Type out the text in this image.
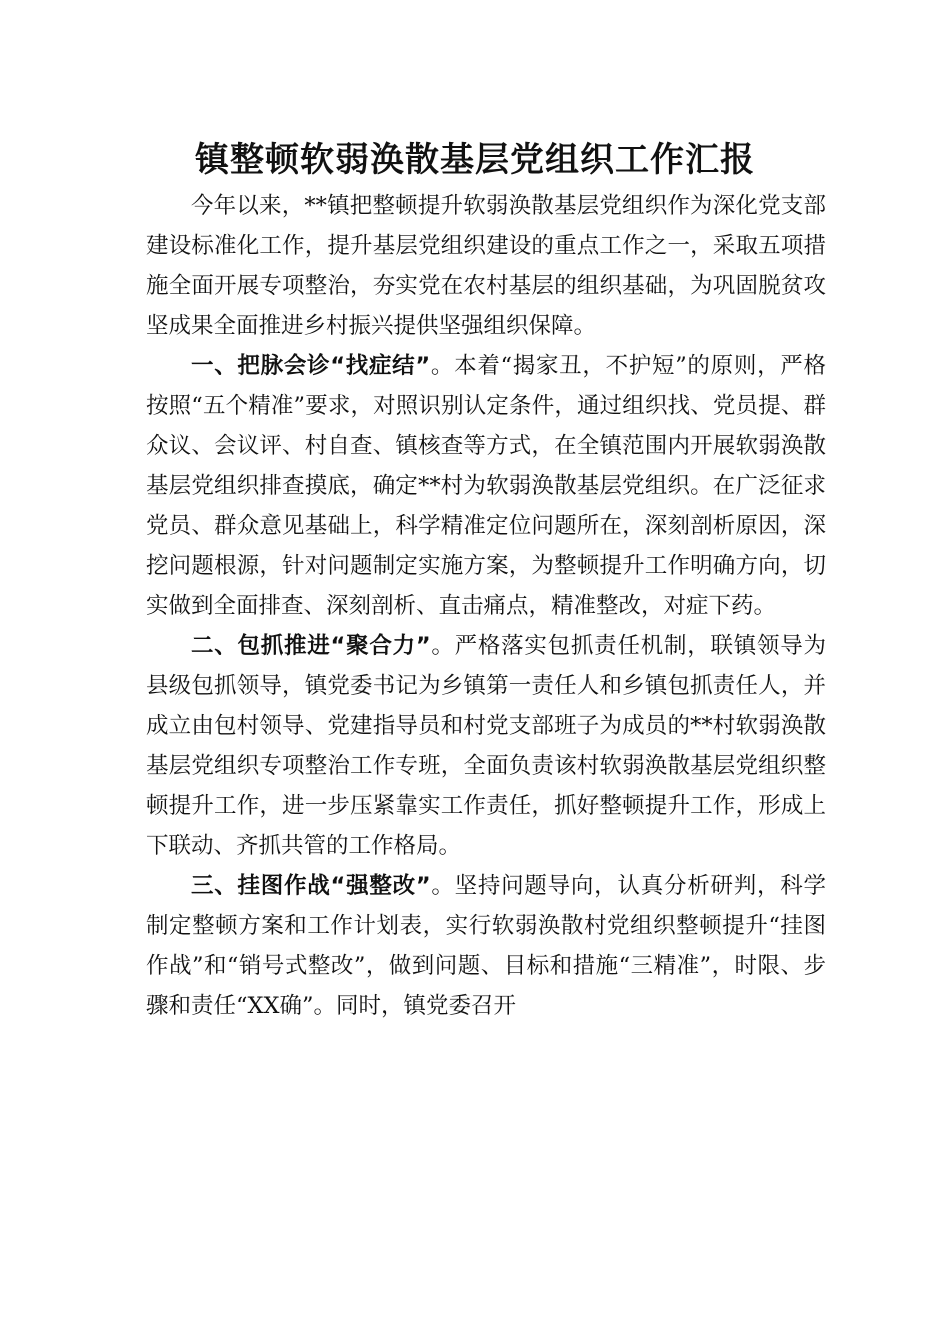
镇整顿软弱涣散基层党组织工作汇报

今年以来，**镇把整顿提升软弱涣散基层党组织作为深化党支部建设标准化工作，提升基层党组织建设的重点工作之一，采取五项措施全面开展专项整治，夯实党在农村基层的组织基础，为巩固脱贫攻坚成果全面推进乡村振兴提供坚强组织保障。

一、把脉会诊“找症结”。本着“揭家丑，不护短”的原则，严格按照“五个精准”要求，对照识别认定条件，通过组织找、党员提、群众议、会议评、村自查、镇核查等方式，在全镇范围内开展软弱涣散基层党组织排查摸底，确定**村为软弱涣散基层党组织。在广泛征求党员、群众意见基础上，科学精准定位问题所在，深刻剖析原因，深挖问题根源，针对问题制定实施方案，为整顿提升工作明确方向，切实做到全面排查、深刻剖析、直击痛点，精准整改，对症下药。

二、包抓推进“聚合力”。严格落实包抓责任机制，联镇领导为县级包抓领导，镇党委书记为乡镇第一责任人和乡镇包抓责任人，并成立由包村领导、党建指导员和村党支部班子为成员的**村软弱涣散基层党组织专项整治工作专班，全面负责该村软弱涣散基层党组织整顿提升工作，进一步压紧靠实工作责任，抓好整顿提升工作，形成上下联动、齐抓共管的工作格局。

三、挂图作战“强整改”。坚持问题导向，认真分析研判，科学制定整顿方案和工作计划表，实行软弱涣散村党组织整顿提升“挂图作战”和“销号式整改”，做到问题、目标和措施“三精准”，时限、步骤和责任“XX确”。同时，镇党委召开
